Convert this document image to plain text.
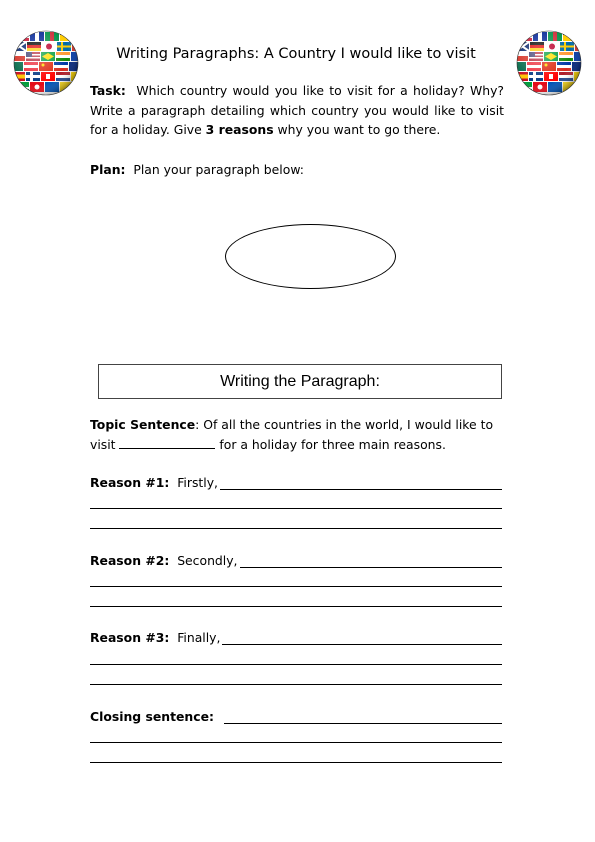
Writing Paragraphs: A Country I would like to visit
Task: Which country would you like to visit for a holiday? Why? Write a paragraph detailing which country you would like to visit for a holiday. Give 3 reasons why you want to go there.
Plan: Plan your paragraph below:
Writing the Paragraph:
Topic Sentence: Of all the countries in the world, I would like to visit	for a holiday for three main reasons.
Reason #1:
Firstly,
Reason #2:
Secondly,
Reason #3:
Finally,
Closing sentence:
